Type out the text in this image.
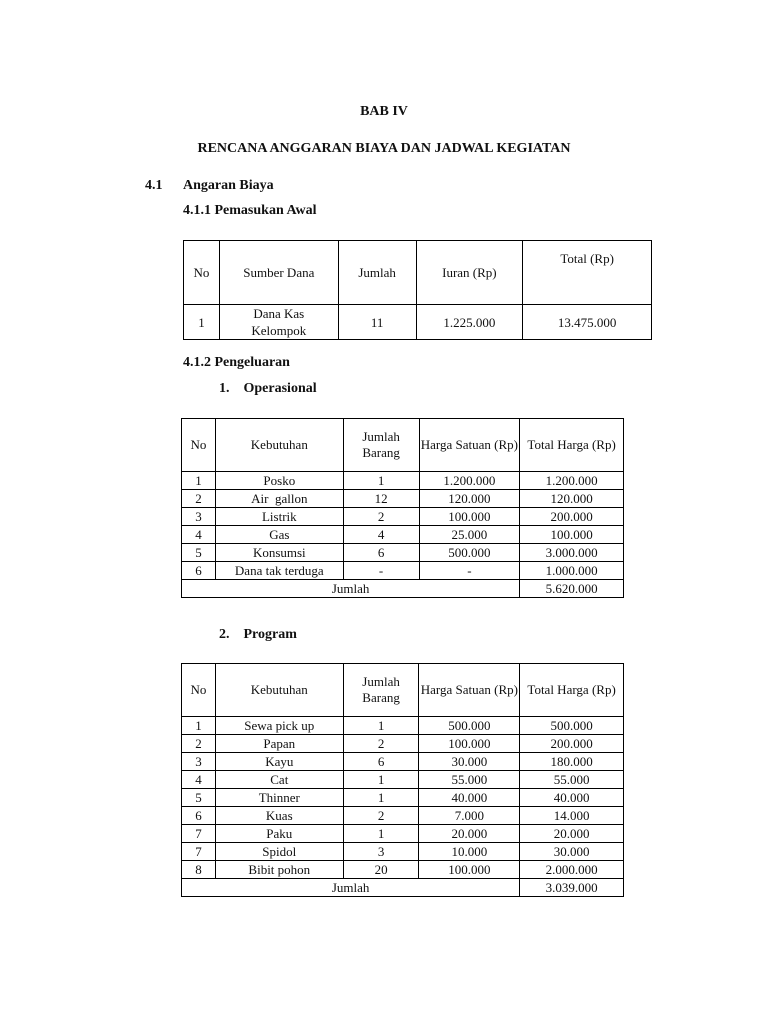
BAB IV
RENCANA ANGGARAN BIAYA DAN JADWAL KEGIATAN
4.1 Angaran Biaya
4.1.1 Pemasukan Awal
No	Sumber Dana	Jumlah	Iuran (Rp)	Total (Rp)
1	Dana Kas Kelompok	11	1.225.000	13.475.000
4.1.2 Pengeluaran
1.    Operasional
No	Kebutuhan	Jumlah Barang	Harga Satuan (Rp)	Total Harga (Rp)
1	Posko	1	1.200.000	1.200.000
2	Air  gallon	12	120.000	120.000
3	Listrik	2	100.000	200.000
4	Gas	4	25.000	100.000
5	Konsumsi	6	500.000	3.000.000
6	Dana tak terduga	-	-	1.000.000
Jumlah				5.620.000
2.    Program
No	Kebutuhan	Jumlah Barang	Harga Satuan (Rp)	Total Harga (Rp)
1	Sewa pick up	1	500.000	500.000
2	Papan	2	100.000	200.000
3	Kayu	6	30.000	180.000
4	Cat	1	55.000	55.000
5	Thinner	1	40.000	40.000
6	Kuas	2	7.000	14.000
7	Paku	1	20.000	20.000
7	Spidol	3	10.000	30.000
8	Bibit pohon	20	100.000	2.000.000
Jumlah				3.039.000
